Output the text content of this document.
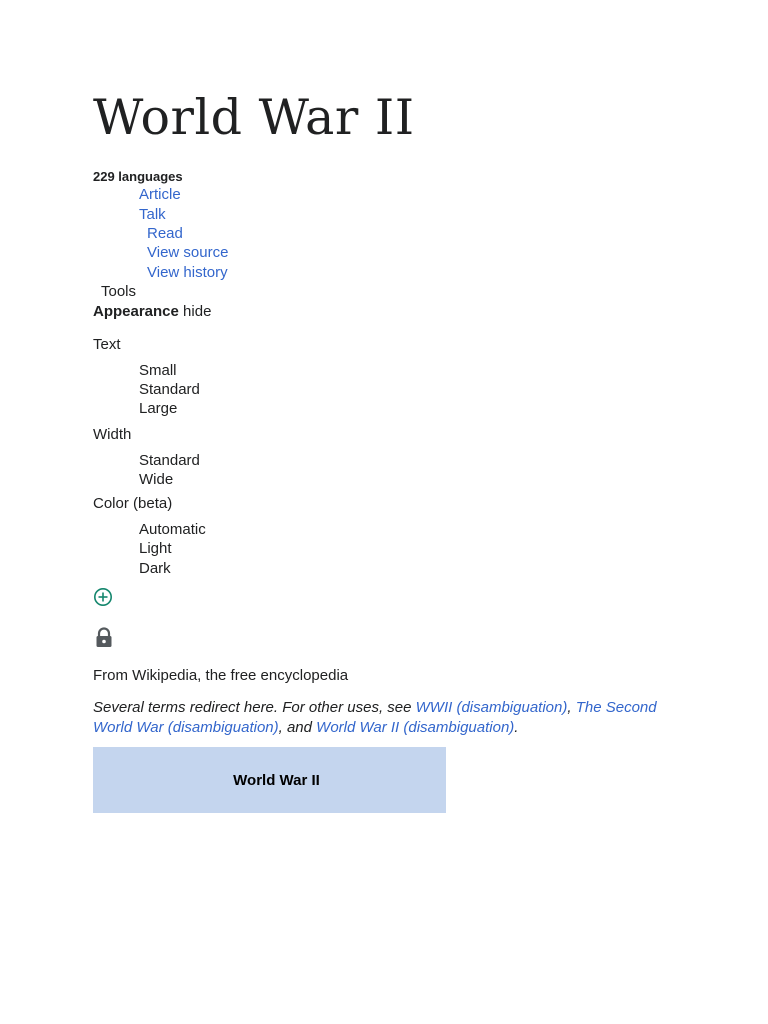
World War II
229 languages
Article
Talk
Read
View source
View history
Tools
Appearance hide
Text
Small
Standard
Large
Width
Standard
Wide
Color (beta)
Automatic
Light
Dark
From Wikipedia, the free encyclopedia
Several terms redirect here. For other uses, see WWII (disambiguation), The Second World War (disambiguation), and World War II (disambiguation).
World War II
